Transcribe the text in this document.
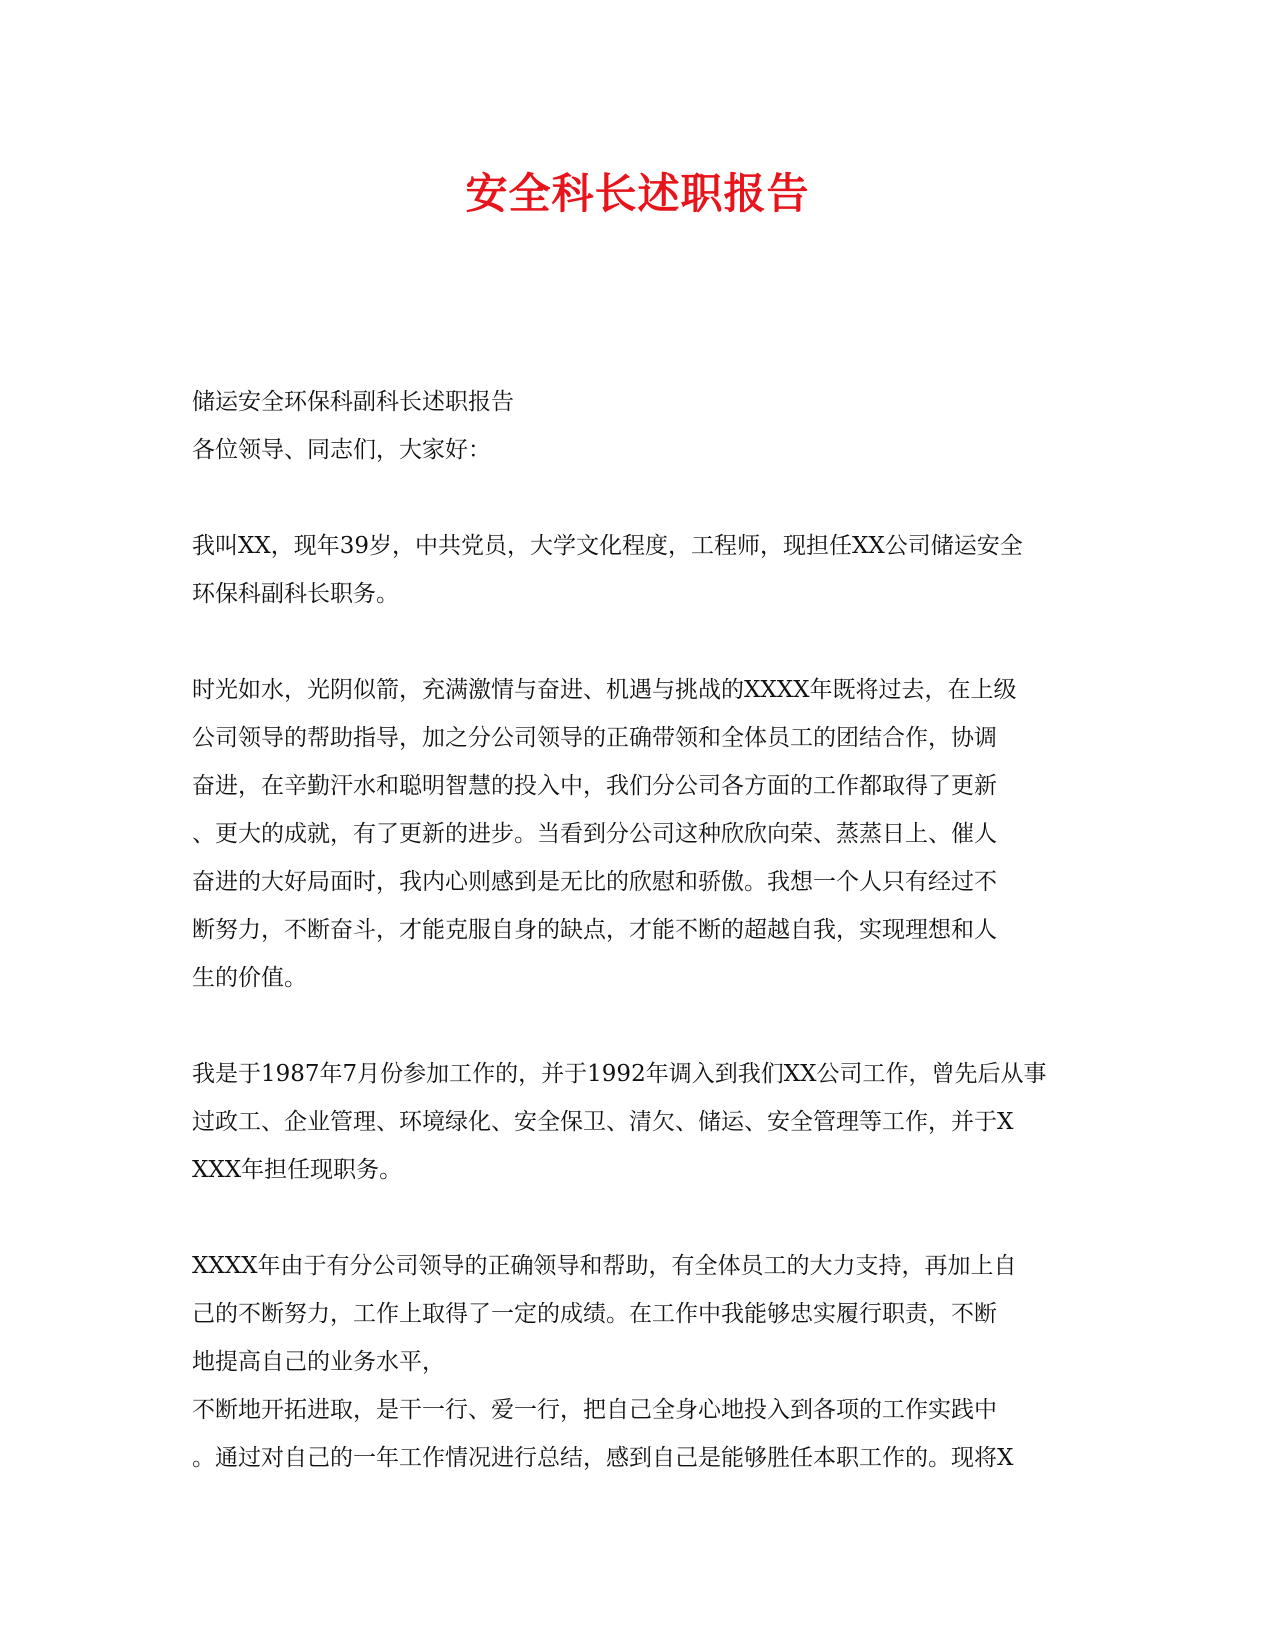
安全科长述职报告
储运安全环保科副科长述职报告
各位领导、同志们，大家好：
我叫XX，现年39岁，中共党员，大学文化程度，工程师，现担任XX公司储运安全
环保科副科长职务。
时光如水，光阴似箭，充满激情与奋进、机遇与挑战的XXXX年既将过去，在上级
公司领导的帮助指导，加之分公司领导的正确带领和全体员工的团结合作，协调
奋进，在辛勤汗水和聪明智慧的投入中，我们分公司各方面的工作都取得了更新
、更大的成就，有了更新的进步。当看到分公司这种欣欣向荣、蒸蒸日上、催人
奋进的大好局面时，我内心则感到是无比的欣慰和骄傲。我想一个人只有经过不
断努力，不断奋斗，才能克服自身的缺点，才能不断的超越自我，实现理想和人
生的价值。
我是于1987年7月份参加工作的，并于1992年调入到我们XX公司工作，曾先后从事
过政工、企业管理、环境绿化、安全保卫、清欠、储运、安全管理等工作，并于X
XXX年担任现职务。
XXXX年由于有分公司领导的正确领导和帮助，有全体员工的大力支持，再加上自
己的不断努力，工作上取得了一定的成绩。在工作中我能够忠实履行职责，不断
地提高自己的业务水平，
不断地开拓进取，是干一行、爱一行，把自己全身心地投入到各项的工作实践中
。通过对自己的一年工作情况进行总结，感到自己是能够胜任本职工作的。现将X
